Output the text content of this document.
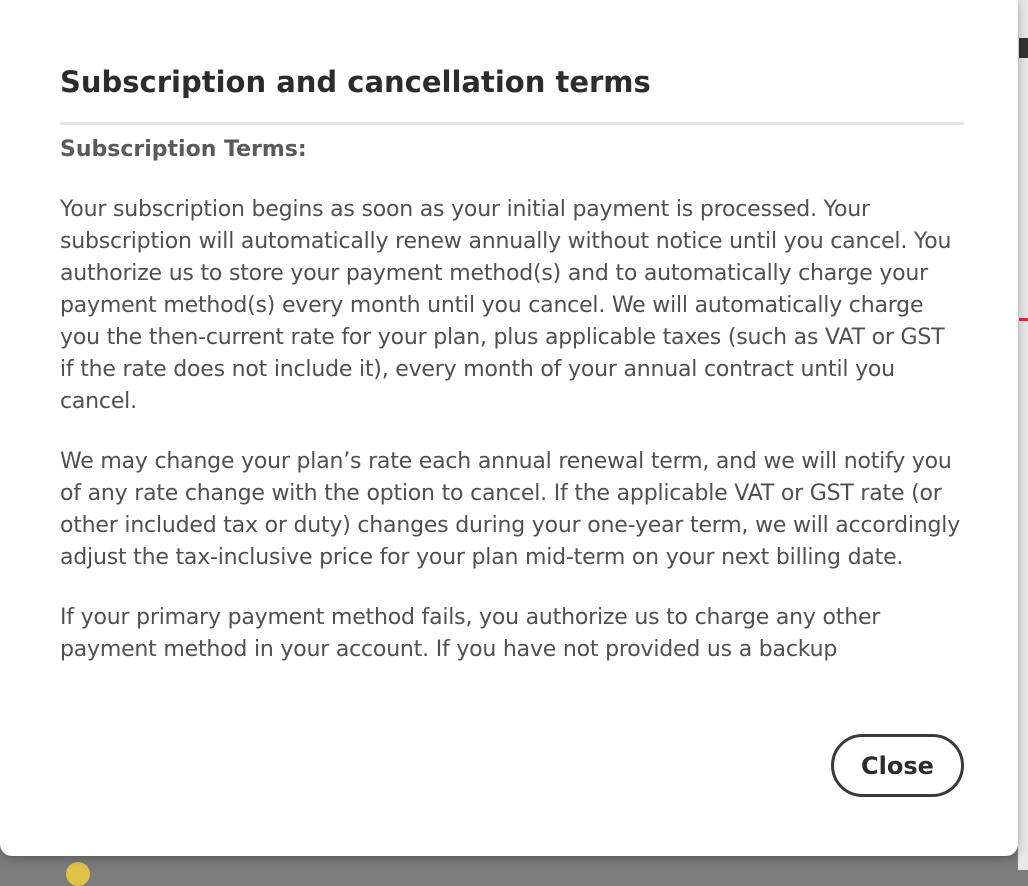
Subscription and cancellation terms
Subscription Terms:

Your subscription begins as soon as your initial payment is processed. Your subscription will automatically renew annually without notice until you cancel. You authorize us to store your payment method(s) and to automatically charge your payment method(s) every month until you cancel. We will automatically charge you the then-current rate for your plan, plus applicable taxes (such as VAT or GST if the rate does not include it), every month of your annual contract until you cancel.

We may change your plan’s rate each annual renewal term, and we will notify you of any rate change with the option to cancel. If the applicable VAT or GST rate (or other included tax or duty) changes during your one-year term, we will accordingly adjust the tax-inclusive price for your plan mid-term on your next billing date.

If your primary payment method fails, you authorize us to charge any other payment method in your account. If you have not provided us a backup

Close
